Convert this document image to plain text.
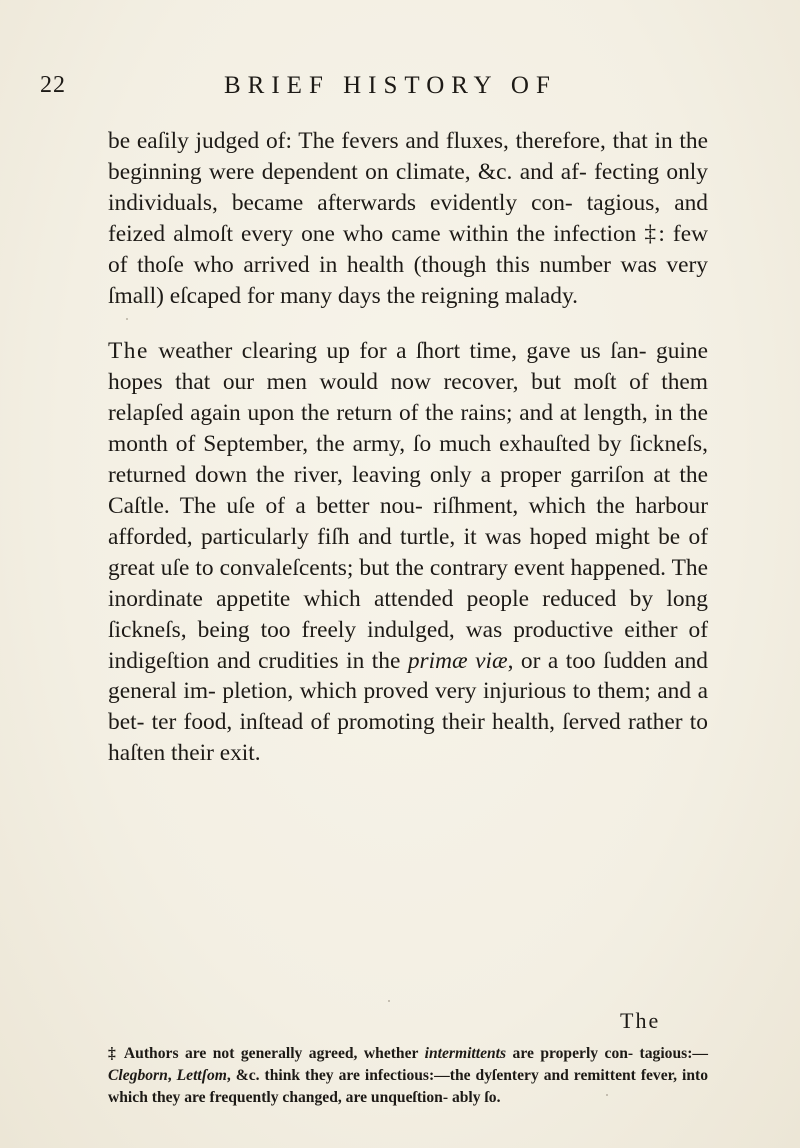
22	BRIEF HISTORY OF

be eaſily judged of: The fevers and fluxes, therefore, that in the beginning were dependent on climate, &c. and af- fecting only individuals, became afterwards evidently con- tagious, and feized almoſt every one who came within the infection ‡: few of thoſe who arrived in health (though this number was very ſmall) eſcaped for many days the reigning malady.

The weather clearing up for a ſhort time, gave us ſan- guine hopes that our men would now recover, but moſt of them relapſed again upon the return of the rains; and at length, in the month of September, the army, ſo much exhauſted by ſickneſs, returned down the river, leaving only a proper garriſon at the Caſtle. The uſe of a better nou- riſhment, which the harbour afforded, particularly fiſh and turtle, it was hoped might be of great uſe to convaleſcents; but the contrary event happened. The inordinate appetite which attended people reduced by long ſickneſs, being too freely indulged, was productive either of indigeſtion and crudities in the primæ viæ, or a too ſudden and general im- pletion, which proved very injurious to them; and a bet- ter food, inſtead of promoting their health, ſerved rather to haſten their exit.

The
‡ Authors are not generally agreed, whether intermittents are properly con- tagious:—Clegborn, Lettſom, &c. think they are infectious:—the dyſentery and remittent fever, into which they are frequently changed, are unqueſtion- ably ſo.
